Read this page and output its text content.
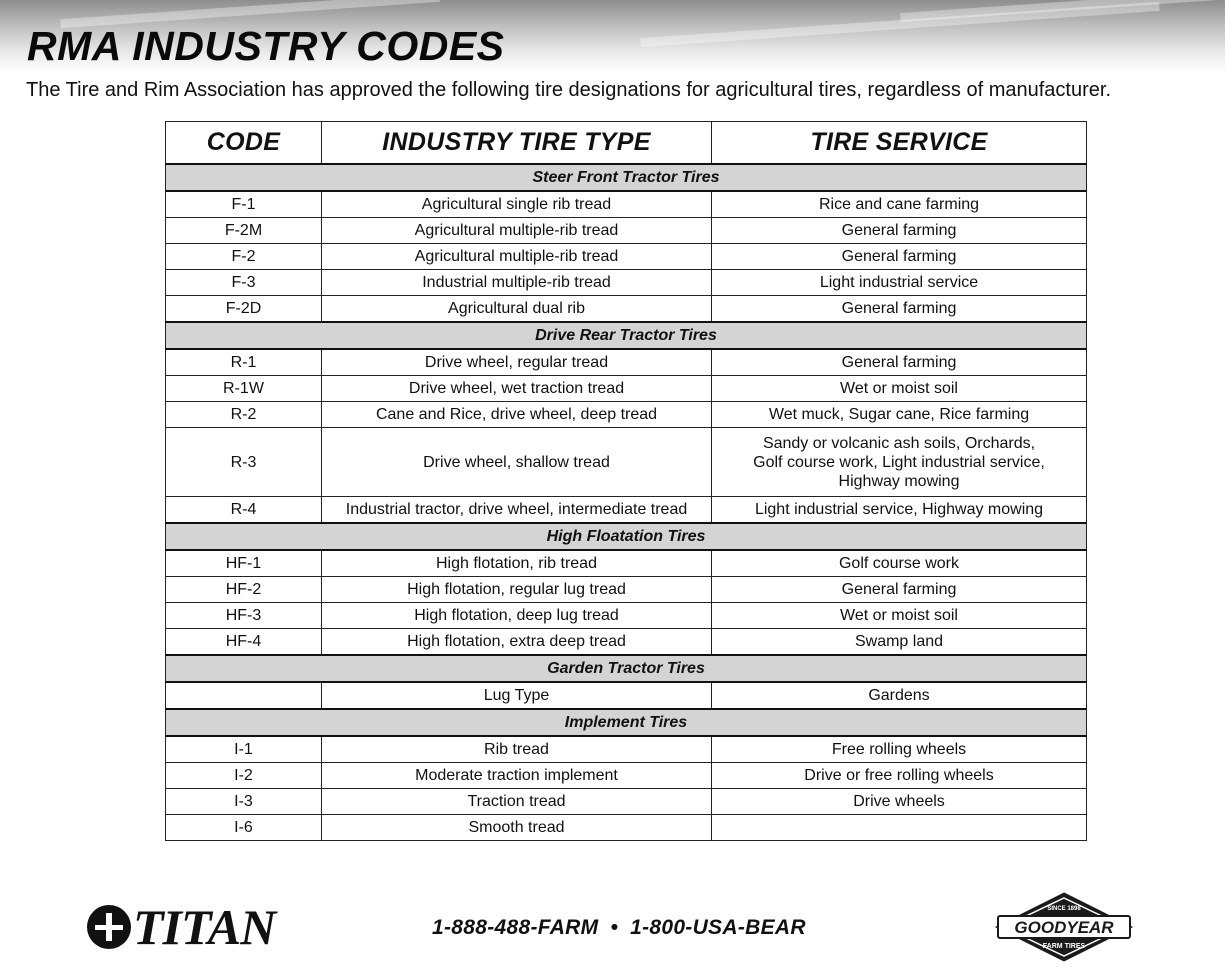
RMA INDUSTRY CODES

The Tire and Rim Association has approved the following tire designations for agricultural tires, regardless of manufacturer.

CODE	INDUSTRY TIRE TYPE	TIRE SERVICE
Steer Front Tractor Tires		
F-1	Agricultural single rib tread	Rice and cane farming
F-2M	Agricultural multiple-rib tread	General farming
F-2	Agricultural multiple-rib tread	General farming
F-3	Industrial multiple-rib tread	Light industrial service
F-2D	Agricultural dual rib	General farming
Drive Rear Tractor Tires		
R-1	Drive wheel, regular tread	General farming
R-1W	Drive wheel, wet traction tread	Wet or moist soil
R-2	Cane and Rice, drive wheel, deep tread	Wet muck, Sugar cane, Rice farming
R-3	Drive wheel, shallow tread	Sandy or volcanic ash soils, Orchards,
Golf course work, Light industrial service,
Highway mowing
R-4	Industrial tractor, drive wheel, intermediate tread	Light industrial service, Highway mowing
High Floatation Tires		
HF-1	High flotation, rib tread	Golf course work
HF-2	High flotation, regular lug tread	General farming
HF-3	High flotation, deep lug tread	Wet or moist soil
HF-4	High flotation, extra deep tread	Swamp land
Garden Tractor Tires		
	Lug Type	Gardens
Implement Tires		
I-1	Rib tread	Free rolling wheels
I-2	Moderate traction implement	Drive or free rolling wheels
I-3	Traction tread	Drive wheels
I-6	Smooth tread	
TITAN	1-888-488-FARM • 1-800-USA-BEAR
SINCE 1898
GOODYEAR
FARM TIRES
